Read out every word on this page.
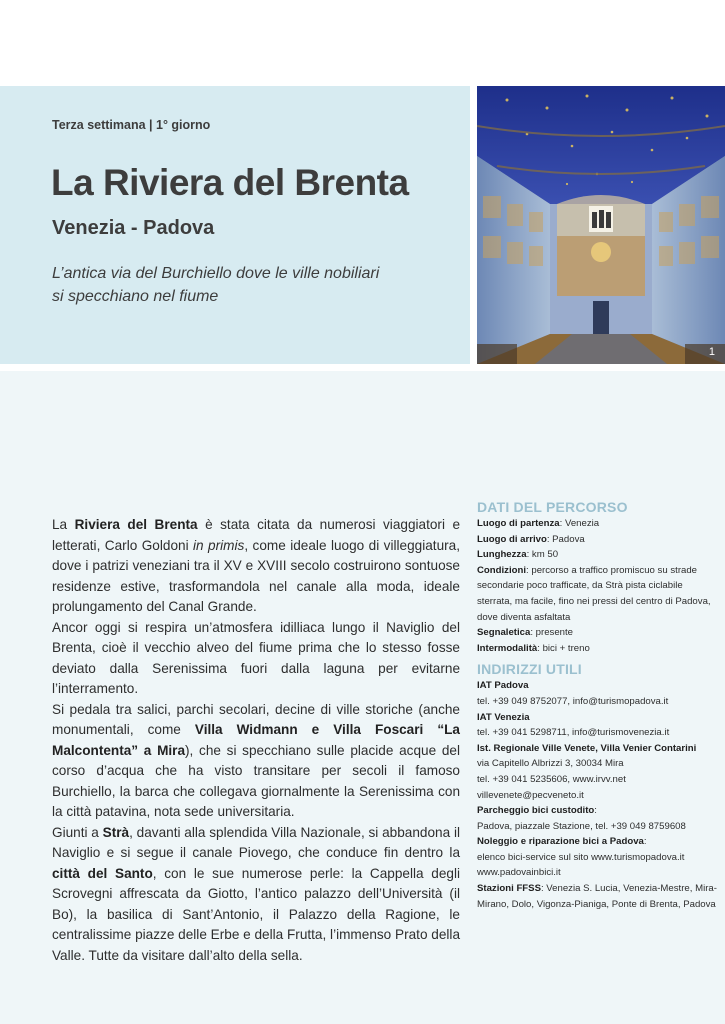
Terza settimana | 1° giorno
La Riviera del Brenta
Venezia - Padova
L’antica via del Burchiello dove le ville nobiliari
si specchiano nel fiume
1

La Riviera del Brenta è stata citata da numerosi viaggiatori e letterati, Carlo Goldoni in primis, come ideale luogo di villeggiatura, dove i patrizi veneziani tra il XV e XVIII secolo costruirono sontuose residenze estive, trasformandola nel canale alla moda, ideale prolungamento del Canal Grande.

Ancor oggi si respira un’atmosfera idilliaca lungo il Naviglio del Brenta, cioè il vecchio alveo del fiume prima che lo stesso fosse deviato dalla Serenissima fuori dalla laguna per evitarne l’interramento.

Si pedala tra salici, parchi secolari, decine di ville storiche (anche monumentali, come Villa Widmann e Villa Foscari “La Malcontenta” a Mira), che si specchiano sulle placide acque del corso d’acqua che ha visto transitare per secoli il famoso Burchiello, la barca che collegava giornalmente la Serenissima con la città patavina, nota sede universitaria.

Giunti a Strà, davanti alla splendida Villa Nazionale, si abbandona il Naviglio e si segue il canale Piovego, che conduce fin dentro la città del Santo, con le sue numerose perle: la Cappella degli Scrovegni affrescata da Giotto, l’antico palazzo dell’Università (il Bo), la basilica di Sant’Antonio, il Palazzo della Ragione, le centralissime piazze delle Erbe e della Frutta, l’immenso Prato della Valle. Tutte da visitare dall’alto della sella.

DATI DEL PERCORSO

Luogo di partenza: Venezia

Luogo di arrivo: Padova

Lunghezza: km 50

Condizioni: percorso a traffico promiscuo su strade secondarie poco trafficate, da Strà pista ciclabile sterrata, ma facile, fino nei pressi del centro di Padova, dove diventa asfaltata

Segnaletica: presente

Intermodalità: bici + treno

INDIRIZZI UTILI

IAT Padova

tel. +39 049 8752077, info@turismopadova.it

IAT Venezia

tel. +39 041 5298711, info@turismovenezia.it

Ist. Regionale Ville Venete, Villa Venier Contarini

via Capitello Albrizzi 3, 30034 Mira

tel. +39 041 5235606, www.irvv.net

villevenete@pecveneto.it

Parcheggio bici custodito:

Padova, piazzale Stazione, tel. +39 049 8759608

Noleggio e riparazione bici a Padova:

elenco bici-service sul sito www.turismopadova.it

www.padovainbici.it

Stazioni FFSS: Venezia S. Lucia, Venezia-Mestre, Mira-Mirano, Dolo, Vigonza-Pianiga, Ponte di Brenta, Padova
